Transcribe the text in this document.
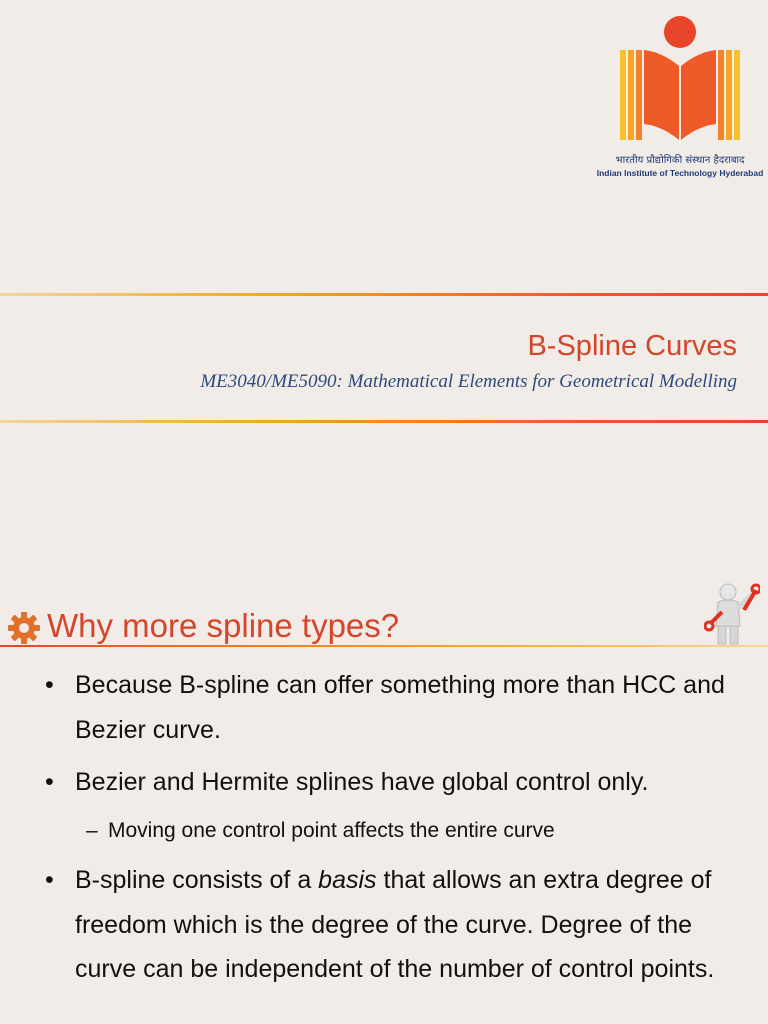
भारतीय प्रौद्योगिकी संस्थान हैदराबाद
Indian Institute of Technology Hyderabad
B-Spline Curves
ME3040/ME5090: Mathematical Elements for Geometrical Modelling
Why more spline types?
• Because B-spline can offer something more than HCC and Bezier curve.
• Bezier and Hermite splines have global control only.
– Moving one control point affects the entire curve
• B-spline consists of a basis that allows an extra degree of freedom which is the degree of the curve. Degree of the curve can be independent of the number of control points.
